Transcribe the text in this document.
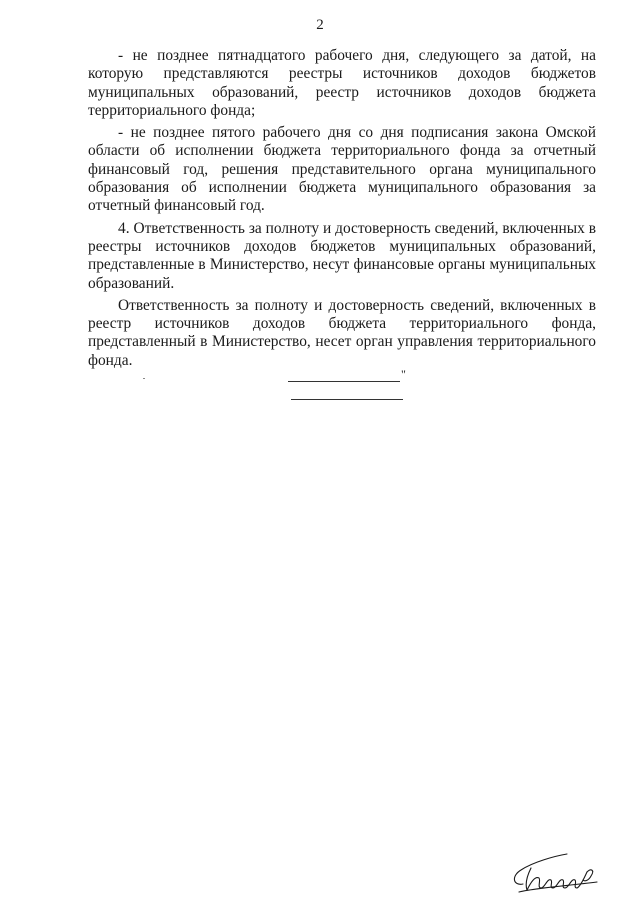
2

- не позднее пятнадцатого рабочего дня, следующего за датой, на которую представляются реестры источников доходов бюджетов муниципальных образований, реестр источников доходов бюджета территориального фонда;

- не позднее пятого рабочего дня со дня подписания закона Омской области об исполнении бюджета территориального фонда за отчетный финансовый год, решения представительного органа муниципального образования об исполнении бюджета муниципального образования за отчетный финансовый год.

4. Ответственность за полноту и достоверность сведений, включенных в реестры источников доходов бюджетов муниципальных образований, представленные в Министерство, несут финансовые органы муниципальных образований.

Ответственность за полноту и достоверность сведений, включенных в реестр источников доходов бюджета территориального фонда, представленный в Министерство, несет орган управления территориального фонда.

"
